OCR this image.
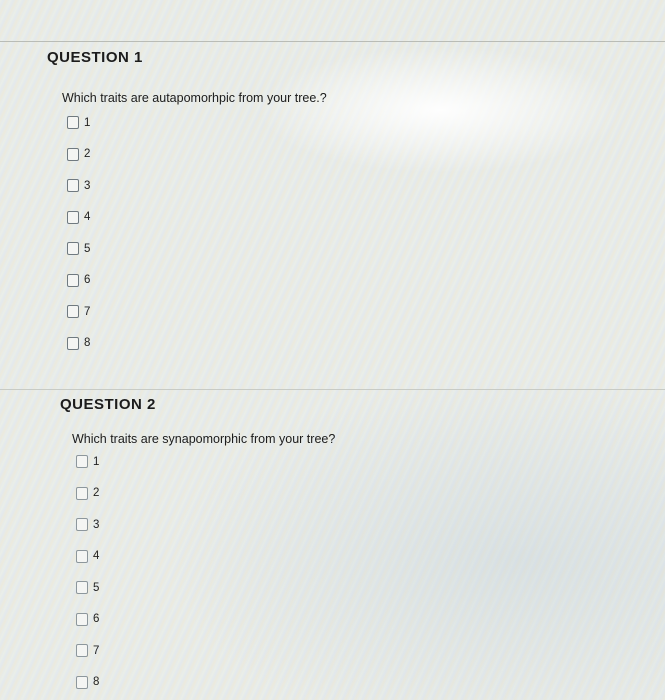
QUESTION 1
Which traits are autapomorhpic from your tree.?
1
2
3
4
5
6
7
8
QUESTION 2
Which traits are synapomorphic from your tree?
1
2
3
4
5
6
7
8
